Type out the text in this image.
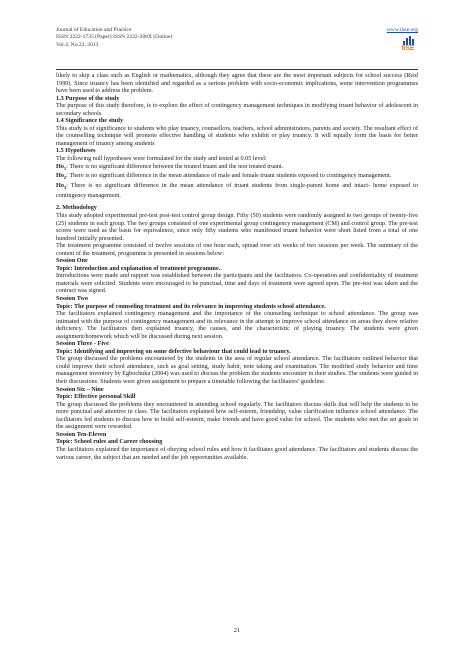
Journal of Education and Practice
ISSN 2222-1735 (Paper) ISSN 2222-288X (Online)
Vol.4, No.22, 2013
www.iiste.org
IISE

likely to skip a class such as English or mathematics, although they agree that these are the most important subjects for school success (Reid 1999). Since truancy has been identified and regarded as a serious problem with socio-economic implications, some intervention programmes have been used to address the problem.

1.3 Purpose of the study

The purpose of this study therefore, is to explore the effect of contingency management techniques in modifying truant behavior of adolescent in secondary schools.

1.4 Significance the study

This study is of significance to students who play truancy, counsellors, teachers, school administrators, parents and society. The resultant effect of the counselling technique will promote effective handling of students who exhibit or play truancy. It will equally form the basis for better management of truancy among students

1.5 Hypotheses

The following null hypotheses were formulated for the study and tested at 0.05 level:

$Ho_1$: There is no significant difference between the treated truant and the non treated truant.

$Ho_2$: There is no significant difference in the mean attendance of male and female truant students exposed to contingency management.

$Ho_3$: There is no significant difference in the mean attendance of truant students from single-parent home and intact- home exposed to contingency management.

2. Methodology

This study adopted experimental pre-test post-test control group design. Fifty (50) students were randomly assigned to two groups of twenty-five (25) students in each group. The two groups consisted of one experimental group contingency management (CM) and control group. The pre-test scores were used as the basis for equivalence, since only fifty students who manifested truant behavior were short listed from a total of one hundred initially presented.

The treatment programme consisted of twelve sessions of one hour each, spread over six weeks of two sessions per week. The summary of the content of the treatment, programme is presented in sessions below:

Session One
Topic: Introduction and explanation of treatment programme.

Introductions were made and rapport was established between the participants and the facilitators. Co-operation and confidentiality of treatment materials were solicited. Students were encouraged to be punctual, time and days of treatment were agreed upon. The pre-test was taken and the contract was signed.

Session Two
Topic: The purpose of counseling treatment and its relevance in improving students school attendance.

The facilitators explained contingency management and the importance of the counseling technique to school attendance. The group was intimated with the purpose of contingency management and its relevance in the attempt to improve school attendance on areas they show relative deficiency. The facilitators then explained truancy, the causes, and the characteristic of playing truancy. The students were given assignment/homework which will be discussed during next session.

Session Three - Five
Topic: Identifying and improving on some defective behaviour that could lead to truancy.

The group discussed the problems encountered by the students in the area of regular school attendance. The facilitators outlined behavior that could improve their school attendance, such as goal setting, study habit, note taking and examination. The modified study behavior and time management inventory by Egbochuku (2004) was used to discuss the problem the students encounter in their studies. The students were guided in their discussions. Students were given assignment to prepare a timetable following the facilitators’ guideline.

Session Six – Nine
Topic: Effective personal Skill

The group discussed the problems they encountered in attending school regularly. The facilitators discuss skills that will help the students to be more punctual and attentive in class. The facilitators explained how self-esteem, friendship, value clarification influence school attendance. The facilitators led students to discuss how to build self-esteem, make friends and have good value for school. The students who met the set goals in the assignment were rewarded.

Session Ten-Eleven
Topic: School rules and Career choosing

The facilitators explained the importance of obeying school rules and how it facilitates good attendance. The facilitators and students discuss the various career, the subject that are needed and the job opportunities available.

21
